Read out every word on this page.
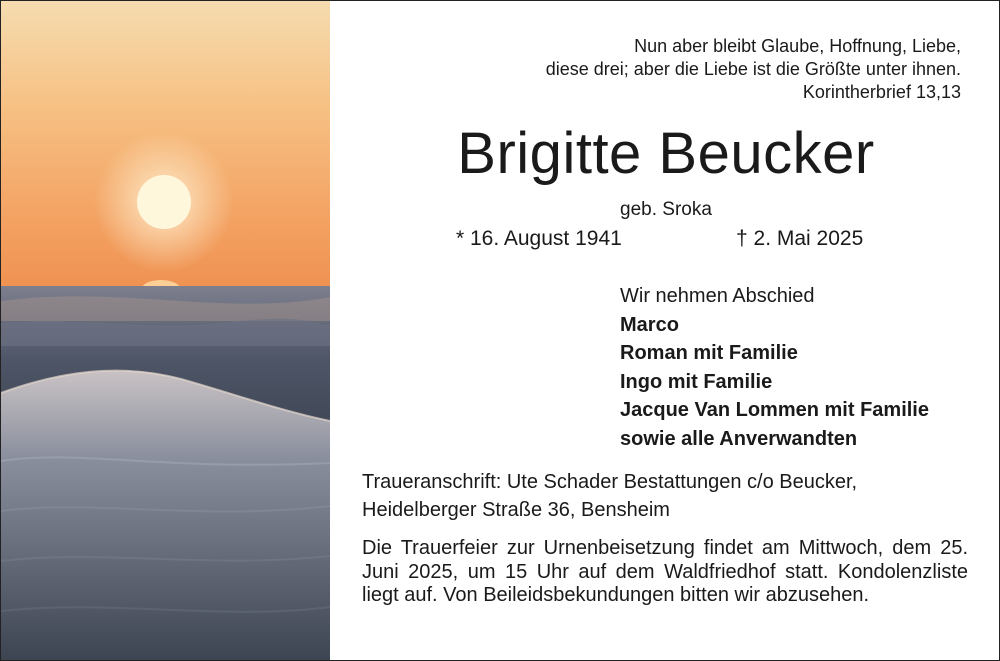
Nun aber bleibt Glaube, Hoffnung, Liebe,
diese drei; aber die Liebe ist die Größte unter ihnen.
Korintherbrief 13,13
Brigitte Beucker
geb. Sroka
* 16. August 1941	† 2. Mai 2025
Wir nehmen Abschied
Marco
Roman mit Familie
Ingo mit Familie
Jacque Van Lommen mit Familie
sowie alle Anverwandten
Traueranschrift: Ute Schader Bestattungen c/o Beucker,
Heidelberger Straße 36, Bensheim
Die Trauerfeier zur Urnenbeisetzung findet am Mittwoch, dem 25. Juni 2025, um 15 Uhr auf dem Waldfriedhof statt. Kondolenzliste liegt auf. Von Beileidsbekundungen bitten wir abzusehen.
